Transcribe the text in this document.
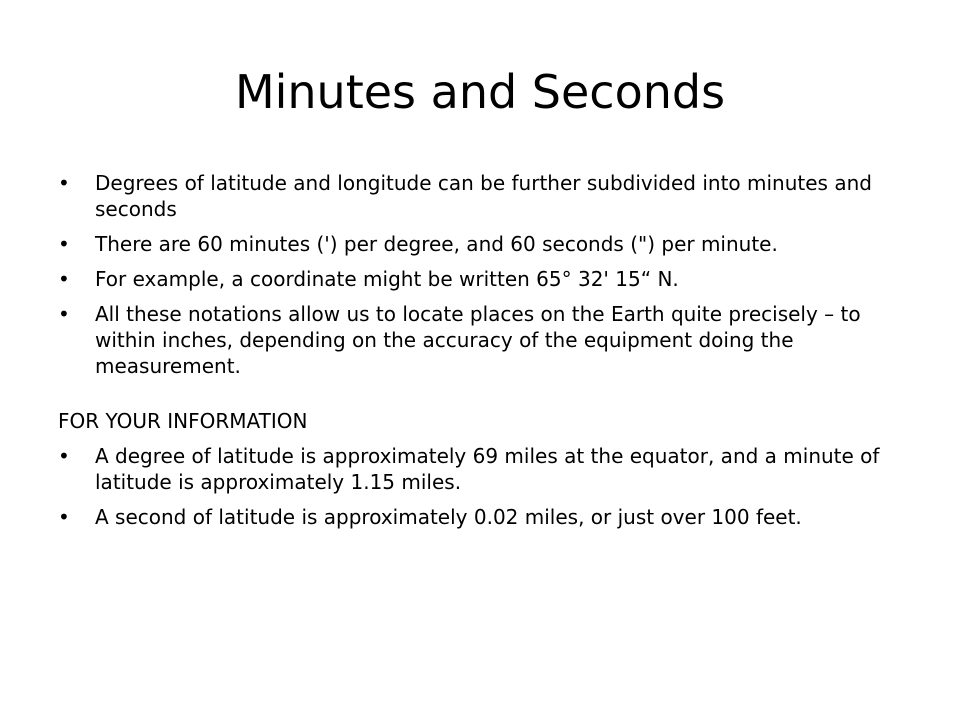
Minutes and Seconds
• Degrees of latitude and longitude can be further subdivided into minutes and seconds
• There are 60 minutes (') per degree, and 60 seconds (") per minute.
• For example, a coordinate might be written 65° 32' 15“ N.
• All these notations allow us to locate places on the Earth quite precisely – to within inches, depending on the accuracy of the equipment doing the measurement.
FOR YOUR INFORMATION
• A degree of latitude is approximately 69 miles at the equator, and a minute of latitude is approximately 1.15 miles.
• A second of latitude is approximately 0.02 miles, or just over 100 feet.
